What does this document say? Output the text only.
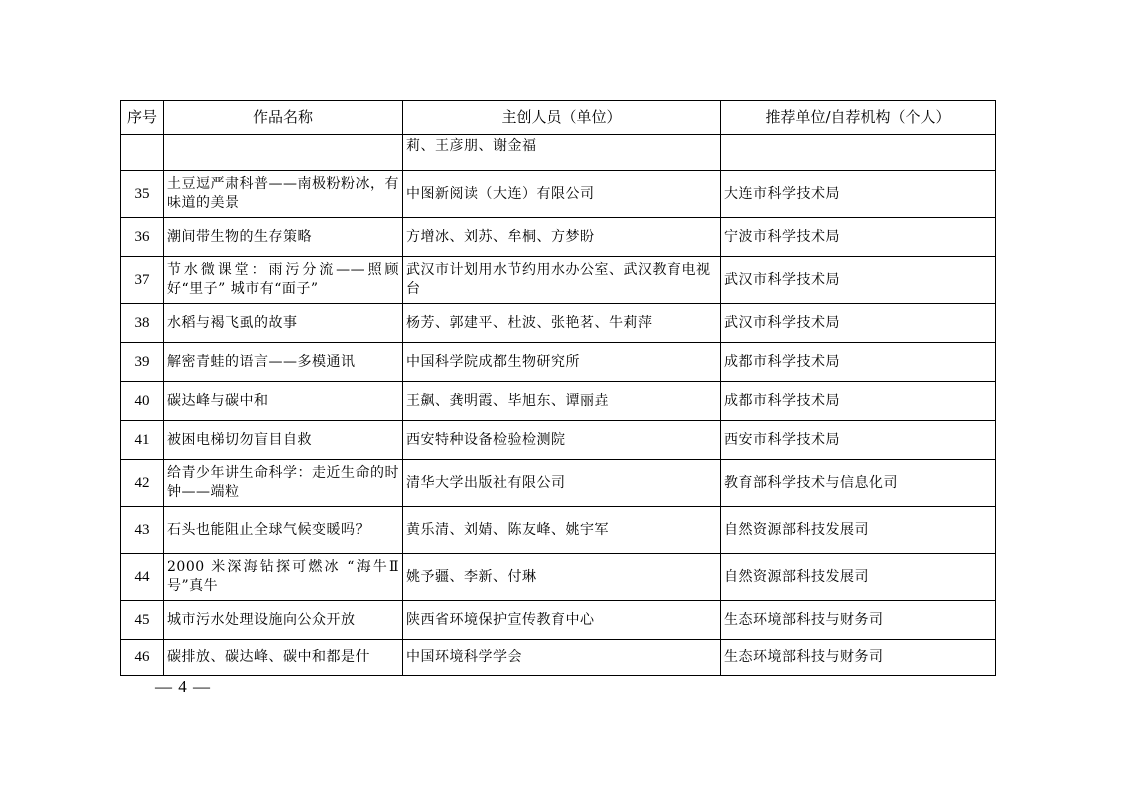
序号	作品名称	主创人员（单位）	推荐单位/自荐机构（个人）
		莉、王彦朋、谢金福	
35	土豆逗严肃科普——南极粉粉冰，有味道的美景	中图新阅读（大连）有限公司	大连市科学技术局
36	潮间带生物的生存策略	方增冰、刘苏、牟桐、方梦盼	宁波市科学技术局
37	节水微课堂：雨污分流——照顾好“里子” 城市有“面子”	武汉市计划用水节约用水办公室、武汉教育电视台	武汉市科学技术局
38	水稻与褐飞虱的故事	杨芳、郭建平、杜波、张艳茗、牛莉萍	武汉市科学技术局
39	解密青蛙的语言——多模通讯	中国科学院成都生物研究所	成都市科学技术局
40	碳达峰与碳中和	王飙、龚明霞、毕旭东、谭丽垚	成都市科学技术局
41	被困电梯切勿盲目自救	西安特种设备检验检测院	西安市科学技术局
42	给青少年讲生命科学：走近生命的时钟——端粒	清华大学出版社有限公司	教育部科学技术与信息化司
43	石头也能阻止全球气候变暖吗？	黄乐清、刘婧、陈友峰、姚宇军	自然资源部科技发展司
44	2000 米深海钻探可燃冰 “海牛Ⅱ号”真牛	姚予疆、李新、付琳	自然资源部科技发展司
45	城市污水处理设施向公众开放	陕西省环境保护宣传教育中心	生态环境部科技与财务司
46	碳排放、碳达峰、碳中和都是什	中国环境科学学会	生态环境部科技与财务司
— 4 —
